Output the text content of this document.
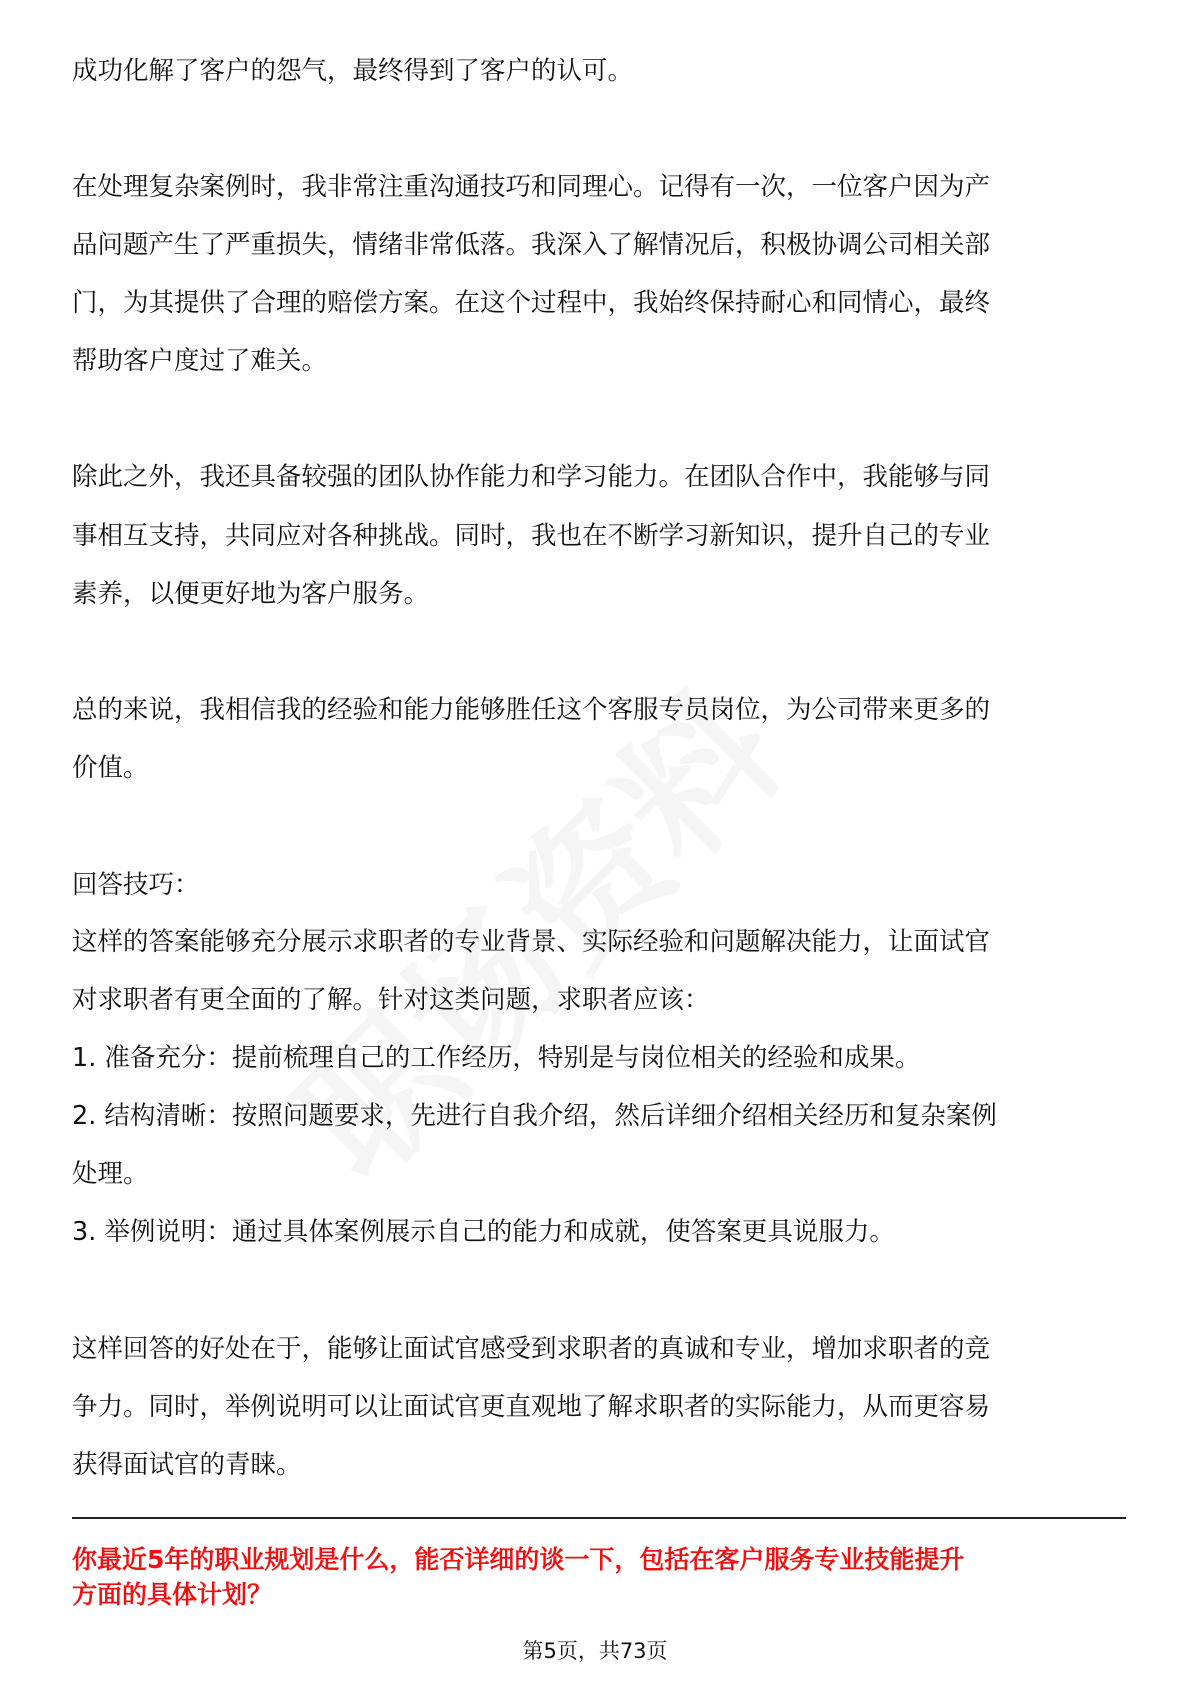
成功化解了客户的怨气，最终得到了客户的认可。
在处理复杂案例时，我非常注重沟通技巧和同理心。记得有一次，一位客户因为产
品问题产生了严重损失，情绪非常低落。我深入了解情况后，积极协调公司相关部
门，为其提供了合理的赔偿方案。在这个过程中，我始终保持耐心和同情心，最终
帮助客户度过了难关。
除此之外，我还具备较强的团队协作能力和学习能力。在团队合作中，我能够与同
事相互支持，共同应对各种挑战。同时，我也在不断学习新知识，提升自己的专业
素养，以便更好地为客户服务。
总的来说，我相信我的经验和能力能够胜任这个客服专员岗位，为公司带来更多的
价值。
回答技巧：
这样的答案能够充分展示求职者的专业背景、实际经验和问题解决能力，让面试官
对求职者有更全面的了解。针对这类问题，求职者应该：
1. 准备充分：提前梳理自己的工作经历，特别是与岗位相关的经验和成果。
2. 结构清晰：按照问题要求，先进行自我介绍，然后详细介绍相关经历和复杂案例
处理。
3. 举例说明：通过具体案例展示自己的能力和成就，使答案更具说服力。
这样回答的好处在于，能够让面试官感受到求职者的真诚和专业，增加求职者的竞
争力。同时，举例说明可以让面试官更直观地了解求职者的实际能力，从而更容易
获得面试官的青睐。
你最近5年的职业规划是什么，能否详细的谈一下，包括在客户服务专业技能提升
方面的具体计划？
第5页，共73页
